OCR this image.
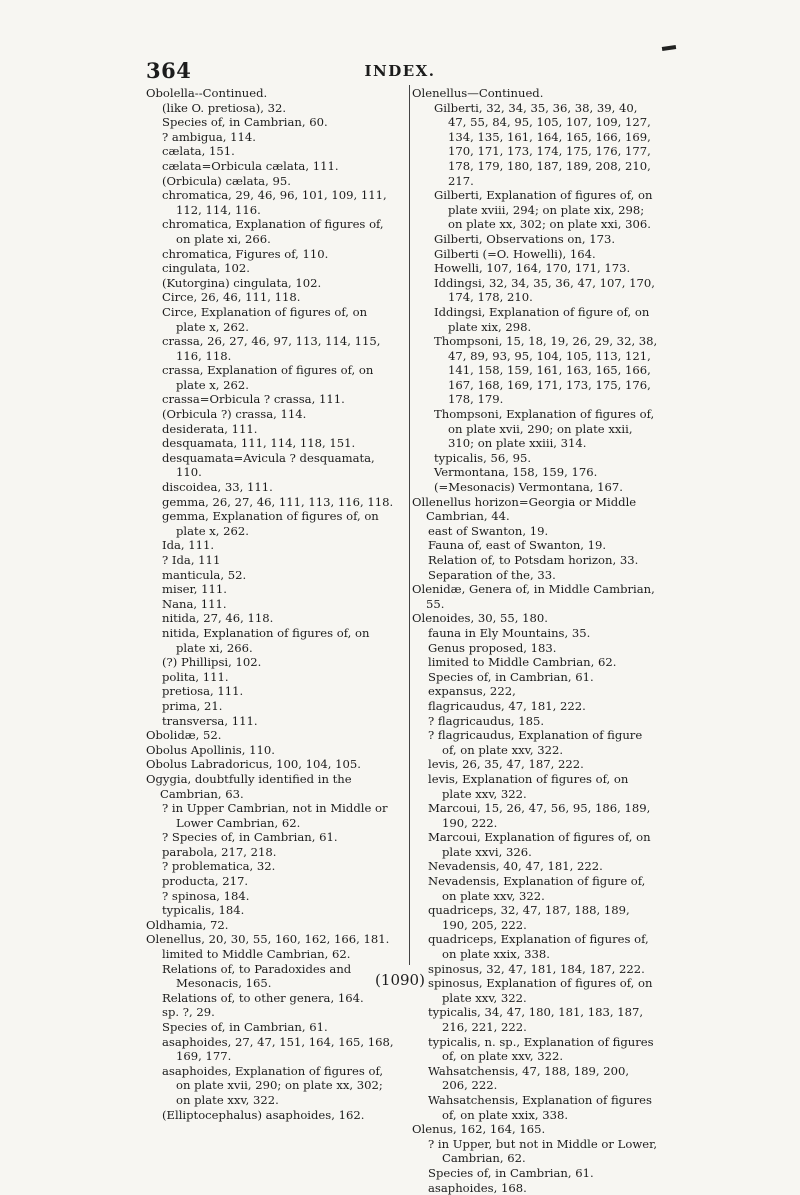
364	INDEX.

Obolella--Continued.

(like O. pretiosa), 32.

Species of, in Cambrian, 60.

? ambigua, 114.

cælata, 151.

cælata=Orbicula cælata, 111.

(Orbicula) cælata, 95.

chromatica, 29, 46, 96, 101, 109, 111, 112, 114, 116.

chromatica, Explanation of figures of, on plate xi, 266.

chromatica, Figures of, 110.

cingulata, 102.

(Kutorgina) cingulata, 102.

Circe, 26, 46, 111, 118.

Circe, Explanation of figures of, on plate x, 262.

crassa, 26, 27, 46, 97, 113, 114, 115, 116, 118.

crassa, Explanation of figures of, on plate x, 262.

crassa=Orbicula ? crassa, 111.

(Orbicula ?) crassa, 114.

desiderata, 111.

desquamata, 111, 114, 118, 151.

desquamata=Avicula ? desquamata, 110.

discoidea, 33, 111.

gemma, 26, 27, 46, 111, 113, 116, 118.

gemma, Explanation of figures of, on plate x, 262.

Ida, 111.

? Ida, 111

manticula, 52.

miser, 111.

Nana, 111.

nitida, 27, 46, 118.

nitida, Explanation of figures of, on plate xi, 266.

(?) Phillipsi, 102.

polita, 111.

pretiosa, 111.

prima, 21.

transversa, 111.

Obolidæ, 52.

Obolus Apollinis, 110.

Obolus Labradoricus, 100, 104, 105.

Ogygia, doubtfully identified in the Cambrian, 63.

? in Upper Cambrian, not in Middle or Lower Cambrian, 62.

? Species of, in Cambrian, 61.

parabola, 217, 218.

? problematica, 32.

producta, 217.

? spinosa, 184.

typicalis, 184.

Oldhamia, 72.

Olenellus, 20, 30, 55, 160, 162, 166, 181.

limited to Middle Cambrian, 62.

Relations of, to Paradoxides and Mesonacis, 165.

Relations of, to other genera, 164.

sp. ?, 29.

Species of, in Cambrian, 61.

asaphoides, 27, 47, 151, 164, 165, 168, 169, 177.

asaphoides, Explanation of figures of, on plate xvii, 290; on plate xx, 302; on plate xxv, 322.

(Elliptocephalus) asaphoides, 162.

Olenellus—Continued.

Gilberti, 32, 34, 35, 36, 38, 39, 40, 47, 55, 84, 95, 105, 107, 109, 127, 134, 135, 161, 164, 165, 166, 169, 170, 171, 173, 174, 175, 176, 177, 178, 179, 180, 187, 189, 208, 210, 217.

Gilberti, Explanation of figures of, on plate xviii, 294; on plate xix, 298; on plate xx, 302; on plate xxi, 306.

Gilberti, Observations on, 173.

Gilberti (=O. Howelli), 164.

Howelli, 107, 164, 170, 171, 173.

Iddingsi, 32, 34, 35, 36, 47, 107, 170, 174, 178, 210.

Iddingsi, Explanation of figure of, on plate xix, 298.

Thompsoni, 15, 18, 19, 26, 29, 32, 38, 47, 89, 93, 95, 104, 105, 113, 121, 141, 158, 159, 161, 163, 165, 166, 167, 168, 169, 171, 173, 175, 176, 178, 179.

Thompsoni, Explanation of figures of, on plate xvii, 290; on plate xxii, 310; on plate xxiii, 314.

typicalis, 56, 95.

Vermontana, 158, 159, 176.

(=Mesonacis) Vermontana, 167.

Ollenellus horizon=Georgia or Middle Cambrian, 44.

east of Swanton, 19.

Fauna of, east of Swanton, 19.

Relation of, to Potsdam horizon, 33.

Separation of the, 33.

Olenidæ, Genera of, in Middle Cambrian, 55.

Olenoides, 30, 55, 180.

fauna in Ely Mountains, 35.

Genus proposed, 183.

limited to Middle Cambrian, 62.

Species of, in Cambrian, 61.

expansus, 222,

flagricaudus, 47, 181, 222.

? flagricaudus, 185.

? flagricaudus, Explanation of figure of, on plate xxv, 322.

levis, 26, 35, 47, 187, 222.

levis, Explanation of figures of, on plate xxv, 322.

Marcoui, 15, 26, 47, 56, 95, 186, 189, 190, 222.

Marcoui, Explanation of figures of, on plate xxvi, 326.

Nevadensis, 40, 47, 181, 222.

Nevadensis, Explanation of figure of, on plate xxv, 322.

quadriceps, 32, 47, 187, 188, 189, 190, 205, 222.

quadriceps, Explanation of figures of, on plate xxix, 338.

spinosus, 32, 47, 181, 184, 187, 222.

spinosus, Explanation of figures of, on plate xxv, 322.

typicalis, 34, 47, 180, 181, 183, 187, 216, 221, 222.

typicalis, n. sp., Explanation of figures of, on plate xxv, 322.

Wahsatchensis, 47, 188, 189, 200, 206, 222.

Wahsatchensis, Explanation of figures of, on plate xxix, 338.

Olenus, 162, 164, 165.

? in Upper, but not in Middle or Lower, Cambrian, 62.

Species of, in Cambrian, 61.

asaphoides, 168.

(1090)
